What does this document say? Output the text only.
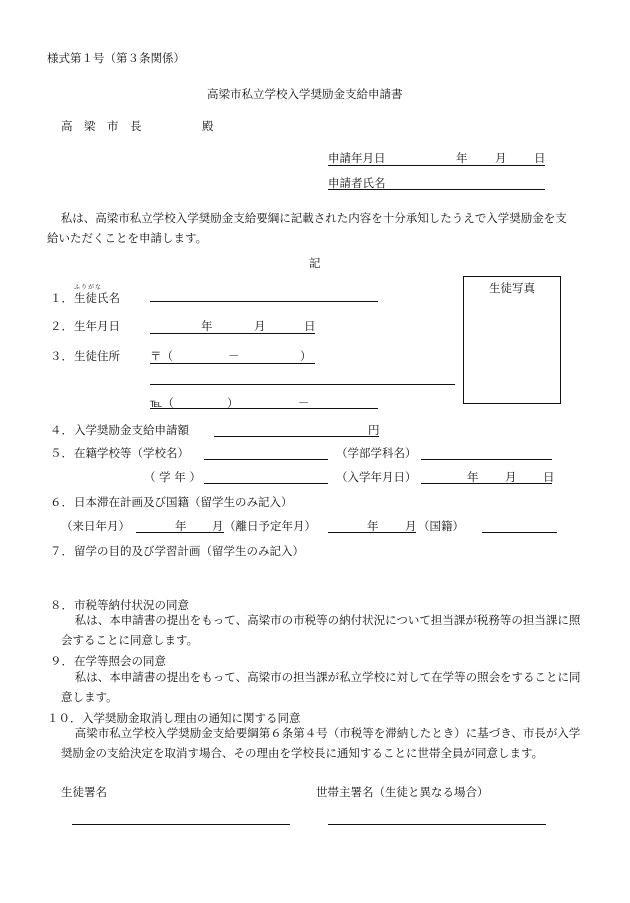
様式第１号（第３条関係）
高梁市私立学校入学奨励金支給申請書
高　梁　市　長	殿
申請年月日	年 月 日
申請者氏名
私は、高梁市私立学校入学奨励金支給要綱に記載された内容を十分承知したうえで入学奨励金を支給いただくことを申請します。
記
生徒写真
１．
ふりがな
生徒氏名
２． 生年月日	年	月	日
３． 生徒住所	〒（	－	）
℡（	）	－
４． 入学奨励金支給申請額	円
５． 在籍学校等（学校名）	（学部学科名）
（ 学 年 ）	（入学年月日）	年 月 日
６． 日本滞在計画及び国籍（留学生のみ記入）
（来日年月）	年 月 （離日予定年月）	年 月 （国籍）
７． 留学の目的及び学習計画（留学生のみ記入）
８． 市税等納付状況の同意
私は、本申請書の提出をもって、高梁市の市税等の納付状況について担当課が税務等の担当課に照会することに同意します。
９． 在学等照会の同意
私は、本申請書の提出をもって、高梁市の担当課が私立学校に対して在学等の照会をすることに同意します。
１０． 入学奨励金取消し理由の通知に関する同意
高梁市私立学校入学奨励金支給要綱第６条第４号（市税等を滞納したとき）に基づき、市長が入学奨励金の支給決定を取消す場合、その理由を学校長に通知することに世帯全員が同意します。
生徒署名	世帯主署名（生徒と異なる場合）
